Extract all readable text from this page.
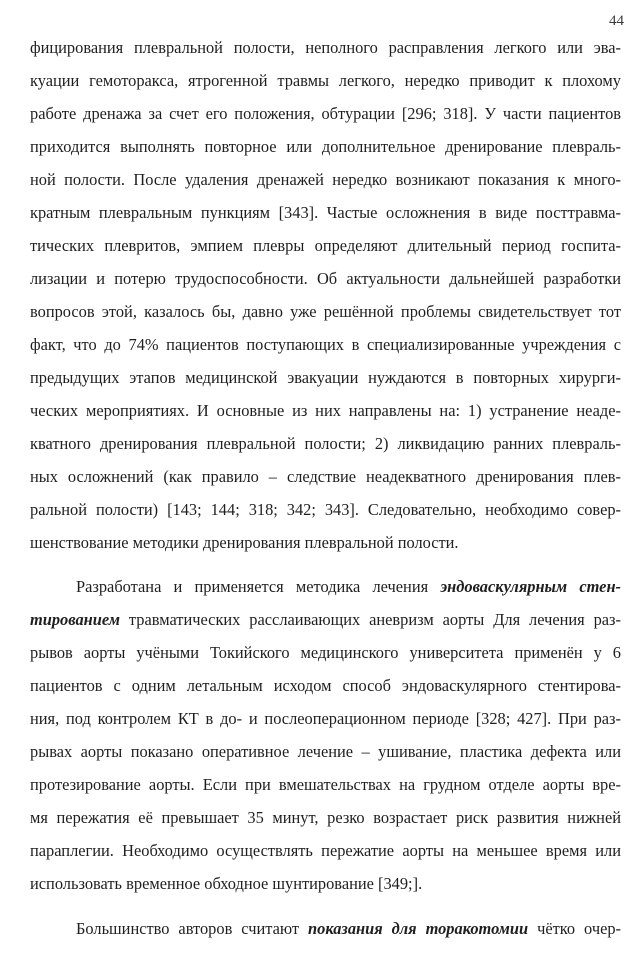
44
фицирования плевральной полости, неполного расправления легкого или эва-
куации гемоторакса, ятрогенной травмы легкого, нередко приводит к плохому
работе дренажа за счет его положения, обтурации [296; 318]. У части пациентов
приходится выполнять повторное или дополнительное дренирование плевраль-
ной полости. После удаления дренажей нередко возникают показания к много-
кратным плевральным пункциям [343]. Частые осложнения в виде посттравма-
тических плевритов, эмпием плевры определяют длительный период госпита-
лизации и потерю трудоспособности. Об актуальности дальнейшей разработки
вопросов этой, казалось бы, давно уже решённой проблемы свидетельствует тот
факт, что до 74% пациентов поступающих в специализированные учреждения с
предыдущих этапов медицинской эвакуации нуждаются в повторных хирурги-
ческих мероприятиях. И основные из них направлены на: 1) устранение неаде-
кватного дренирования плевральной полости; 2) ликвидацию ранних плевраль-
ных осложнений (как правило – следствие неадекватного дренирования плев-
ральной полости) [143; 144; 318; 342; 343]. Следовательно, необходимо совер-
шенствование методики дренирования плевральной полости.
Разработана и применяется методика лечения эндоваскулярным стен-
тированием травматических расслаивающих аневризм аорты Для лечения раз-
рывов аорты учёными Токийского медицинского университета применён у 6
пациентов с одним летальным исходом способ эндоваскулярного стентирова-
ния, под контролем КТ в до- и послеоперационном периоде [328; 427]. При раз-
рывах аорты показано оперативное лечение – ушивание, пластика дефекта или
протезирование аорты. Если при вмешательствах на грудном отделе аорты вре-
мя пережатия её превышает 35 минут, резко возрастает риск развития нижней
параплегии. Необходимо осуществлять пережатие аорты на меньшее время или
использовать временное обходное шунтирование [349;].
Большинство авторов считают показания для торакотомии чётко очер-
